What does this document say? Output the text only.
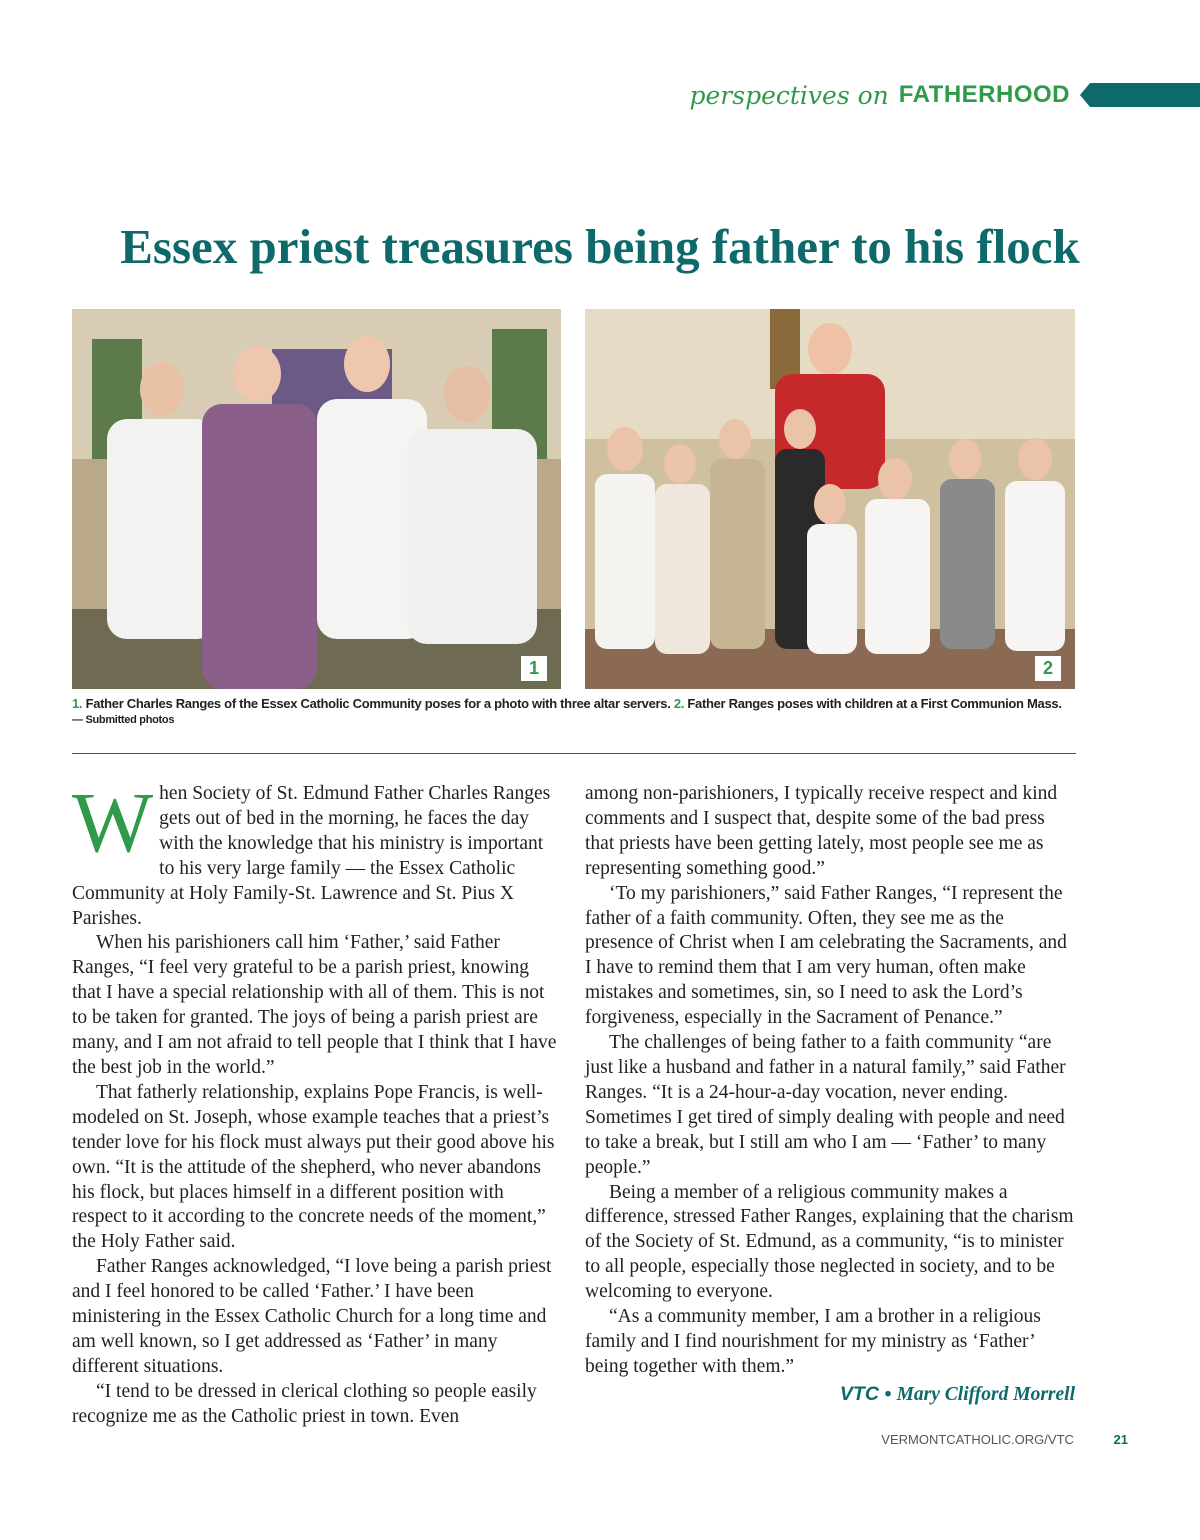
perspectives on FATHERHOOD
Essex priest treasures being father to his flock
1	2
1. Father Charles Ranges of the Essex Catholic Community poses for a photo with three altar servers. 2. Father Ranges poses with children at a First Communion Mass.
— Submitted photos

When Society of St. Edmund Father Charles Ranges gets out of bed in the morning, he faces the day with the knowledge that his ministry is important to his very large family — the Essex Catholic Community at Holy Family-St. Lawrence and St. Pius X Parishes.

When his parishioners call him ‘Father,’ said Father Ranges, “I feel very grateful to be a parish priest, knowing that I have a special relationship with all of them. This is not to be taken for granted. The joys of being a parish priest are many, and I am not afraid to tell people that I think that I have the best job in the world.”

That fatherly relationship, explains Pope Francis, is well-modeled on St. Joseph, whose example teaches that a priest’s tender love for his flock must always put their good above his own. “It is the attitude of the shepherd, who never abandons his flock, but places himself in a different position with respect to it according to the concrete needs of the moment,” the Holy Father said.

Father Ranges acknowledged, “I love being a parish priest and I feel honored to be called ‘Father.’ I have been ministering in the Essex Catholic Church for a long time and am well known, so I get addressed as ‘Father’ in many different situations.

“I tend to be dressed in clerical clothing so people easily recognize me as the Catholic priest in town. Even

among non-parishioners, I typically receive respect and kind comments and I suspect that, despite some of the bad press that priests have been getting lately, most people see me as representing something good.”

‘To my parishioners,” said Father Ranges, “I represent the father of a faith community. Often, they see me as the presence of Christ when I am celebrating the Sacraments, and I have to remind them that I am very human, often make mistakes and sometimes, sin, so I need to ask the Lord’s forgiveness, especially in the Sacrament of Penance.”

The challenges of being father to a faith community “are just like a husband and father in a natural family,” said Father Ranges. “It is a 24-hour-a-day vocation, never ending. Sometimes I get tired of simply dealing with people and need to take a break, but I still am who I am — ‘Father’ to many people.”

Being a member of a religious community makes a difference, stressed Father Ranges, explaining that the charism of the Society of St. Edmund, as a community, “is to minister to all people, especially those neglected in society, and to be welcoming to everyone.

“As a community member, I am a brother in a religious family and I find nourishment for my ministry as ‘Father’ being together with them.”

VTC • Mary Clifford Morrell
VERMONTCATHOLIC.ORG/VTC	21
